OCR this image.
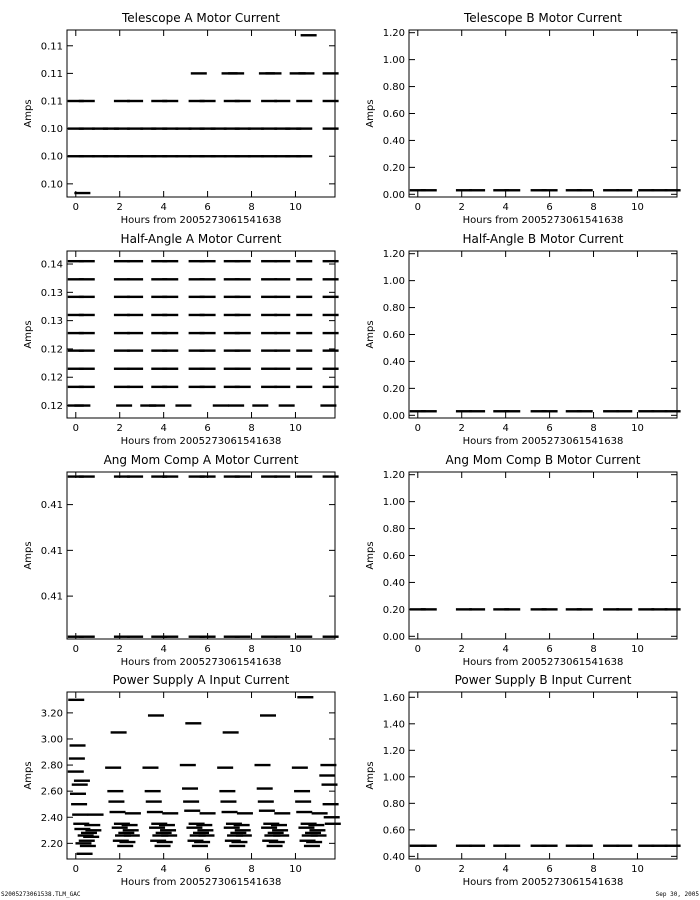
Telescope A Motor Current
Hours from 2005273061541638
Amps
0	2	4	6	8	10
0.10
0.10
0.10
0.11
0.11
0.11
Telescope B Motor Current
Hours from 2005273061541638
Amps
0	2	4	6	8	10
0.00
0.20
0.40
0.60
0.80
1.00
1.20
Half-Angle A Motor Current
Hours from 2005273061541638
Amps
0	2	4	6	8	10
0.12
0.12
0.12
0.13
0.13
0.14
Half-Angle B Motor Current
Hours from 2005273061541638
Amps
0	2	4	6	8	10
0.00
0.20
0.40
0.60
0.80
1.00
1.20
Ang Mom Comp A Motor Current
Hours from 2005273061541638
Amps
0	2	4	6	8	10
0.41
0.41
0.41
Ang Mom Comp B Motor Current
Hours from 2005273061541638
Amps
0	2	4	6	8	10
0.00
0.20
0.40
0.60
0.80
1.00
1.20
Power Supply A Input Current
Hours from 2005273061541638
Amps
0	2	4	6	8	10
2.20
2.40
2.60
2.80
3.00
3.20
Power Supply B Input Current
Hours from 2005273061541638
Amps
0	2	4	6	8	10
0.40
0.60
0.80
1.00
1.20
1.40
1.60
S2005273061538.TLM_GAC	Sep 30, 2005
